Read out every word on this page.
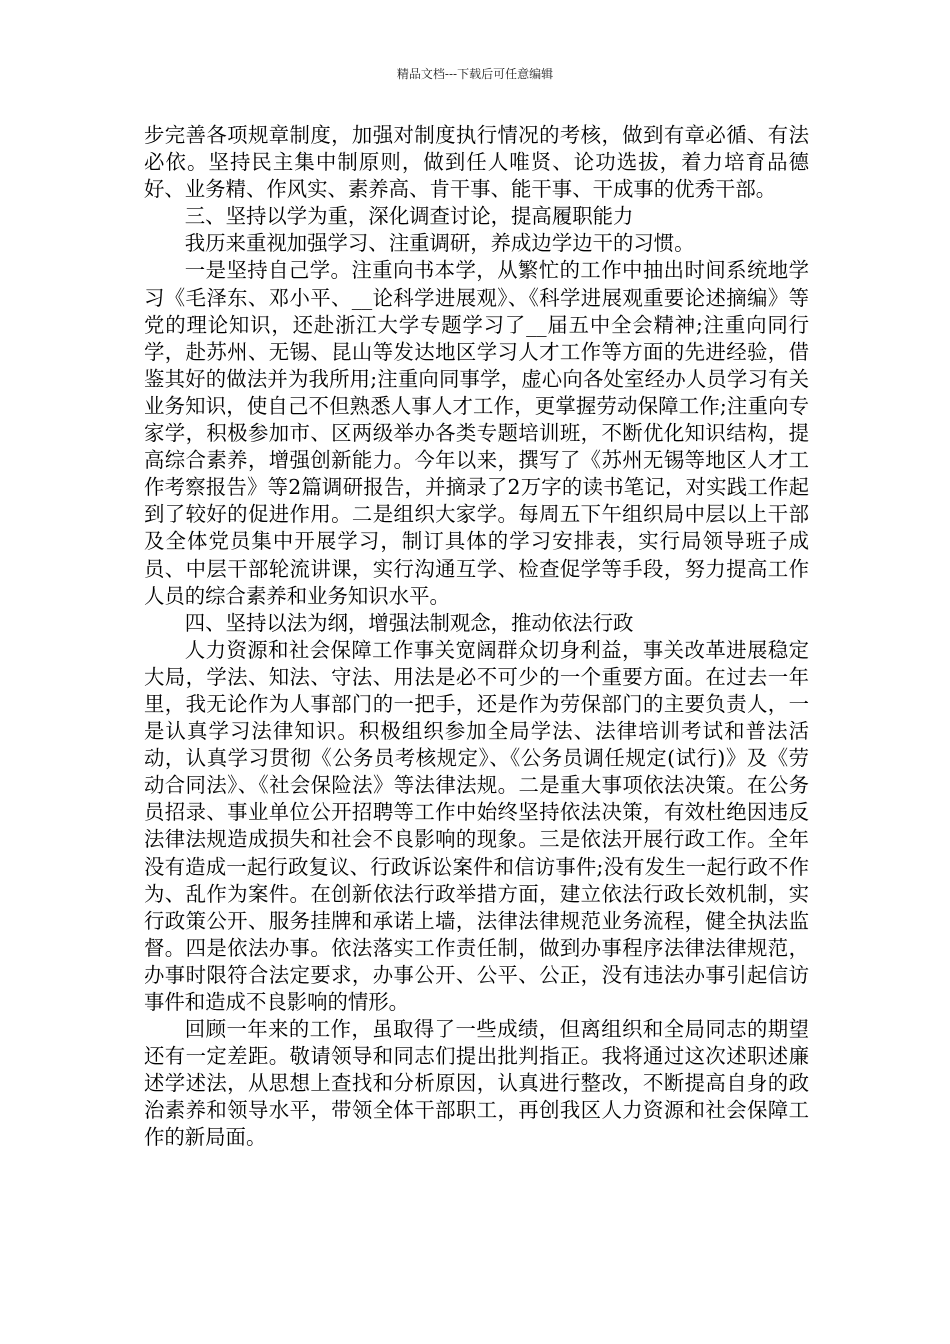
精品文档---下载后可任意编辑

步完善各项规章制度，加强对制度执行情况的考核，做到有章必循、有法必依。坚持民主集中制原则，做到任人唯贤、论功选拔，着力培育品德好、业务精、作风实、素养高、肯干事、能干事、干成事的优秀干部。

三、坚持以学为重，深化调查讨论，提高履职能力

我历来重视加强学习、注重调研，养成边学边干的习惯。

一是坚持自己学。注重向书本学，从繁忙的工作中抽出时间系统地学习《毛泽东、邓小平、__论科学进展观》、《科学进展观重要论述摘编》等党的理论知识，还赴浙江大学专题学习了__届五中全会精神;注重向同行学，赴苏州、无锡、昆山等发达地区学习人才工作等方面的先进经验，借鉴其好的做法并为我所用;注重向同事学，虚心向各处室经办人员学习有关业务知识，使自己不但熟悉人事人才工作，更掌握劳动保障工作;注重向专家学，积极参加市、区两级举办各类专题培训班，不断优化知识结构，提高综合素养，增强创新能力。今年以来，撰写了《苏州无锡等地区人才工作考察报告》等2篇调研报告，并摘录了2万字的读书笔记，对实践工作起到了较好的促进作用。二是组织大家学。每周五下午组织局中层以上干部及全体党员集中开展学习，制订具体的学习安排表，实行局领导班子成员、中层干部轮流讲课，实行沟通互学、检查促学等手段，努力提高工作人员的综合素养和业务知识水平。

四、坚持以法为纲，增强法制观念，推动依法行政

人力资源和社会保障工作事关宽阔群众切身利益，事关改革进展稳定大局，学法、知法、守法、用法是必不可少的一个重要方面。在过去一年里，我无论作为人事部门的一把手，还是作为劳保部门的主要负责人，一是认真学习法律知识。积极组织参加全局学法、法律培训考试和普法活动，认真学习贯彻《公务员考核规定》、《公务员调任规定(试行)》及《劳动合同法》、《社会保险法》等法律法规。二是重大事项依法决策。在公务员招录、事业单位公开招聘等工作中始终坚持依法决策，有效杜绝因违反法律法规造成损失和社会不良影响的现象。三是依法开展行政工作。全年没有造成一起行政复议、行政诉讼案件和信访事件;没有发生一起行政不作为、乱作为案件。在创新依法行政举措方面，建立依法行政长效机制，实行政策公开、服务挂牌和承诺上墙，法律法律规范业务流程，健全执法监督。四是依法办事。依法落实工作责任制，做到办事程序法律法律规范，办事时限符合法定要求，办事公开、公平、公正，没有违法办事引起信访事件和造成不良影响的情形。

回顾一年来的工作，虽取得了一些成绩，但离组织和全局同志的期望还有一定差距。敬请领导和同志们提出批判指正。我将通过这次述职述廉述学述法，从思想上查找和分析原因，认真进行整改，不断提高自身的政治素养和领导水平，带领全体干部职工，再创我区人力资源和社会保障工作的新局面。
